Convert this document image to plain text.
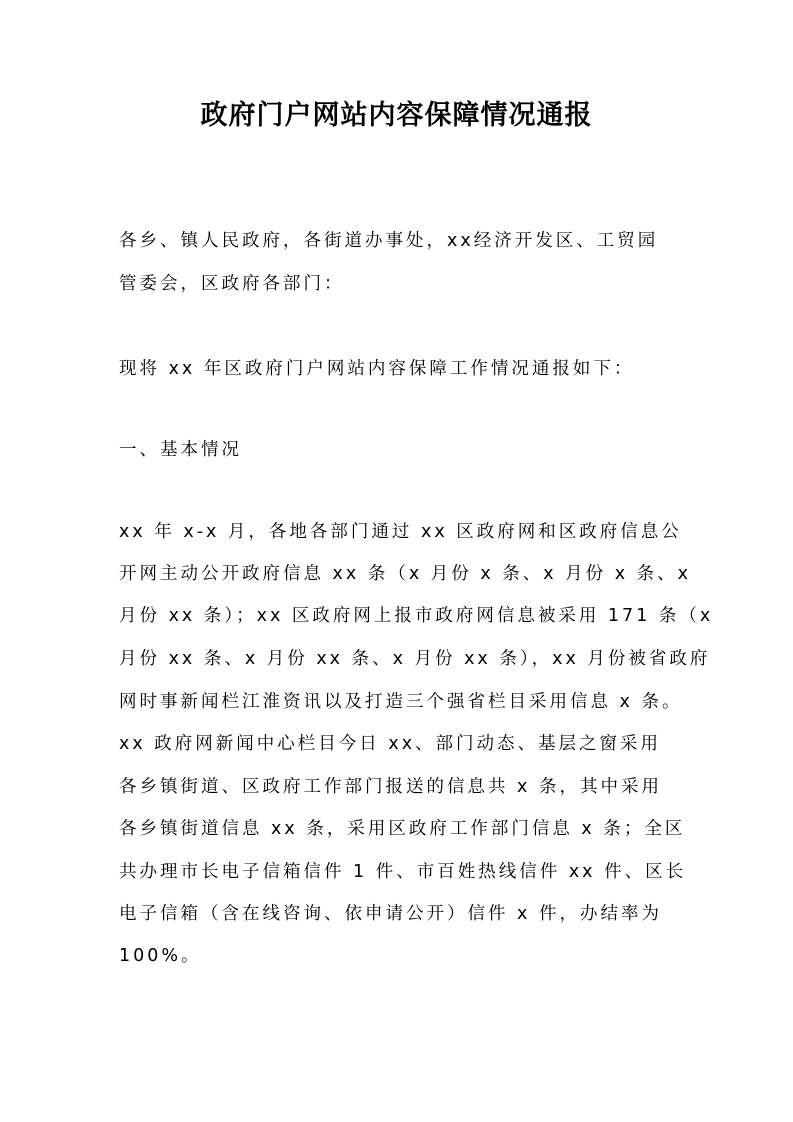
政府门户网站内容保障情况通报
各乡、镇人民政府，各街道办事处，xx经济开发区、工贸园
管委会，区政府各部门：
现将 xx 年区政府门户网站内容保障工作情况通报如下：
一、基本情况
xx 年 x-x 月，各地各部门通过 xx 区政府网和区政府信息公
开网主动公开政府信息 xx 条（x 月份 x 条、x 月份 x 条、x
月份 xx 条）；xx 区政府网上报市政府网信息被采用 171 条（x
月份 xx 条、x 月份 xx 条、x 月份 xx 条），xx 月份被省政府
网时事新闻栏江淮资讯以及打造三个强省栏目采用信息 x 条。
xx 政府网新闻中心栏目今日 xx、部门动态、基层之窗采用
各乡镇街道、区政府工作部门报送的信息共 x 条，其中采用
各乡镇街道信息 xx 条，采用区政府工作部门信息 x 条；全区
共办理市长电子信箱信件 1 件、市百姓热线信件 xx 件、区长
电子信箱（含在线咨询、依申请公开）信件 x 件，办结率为
100%。
